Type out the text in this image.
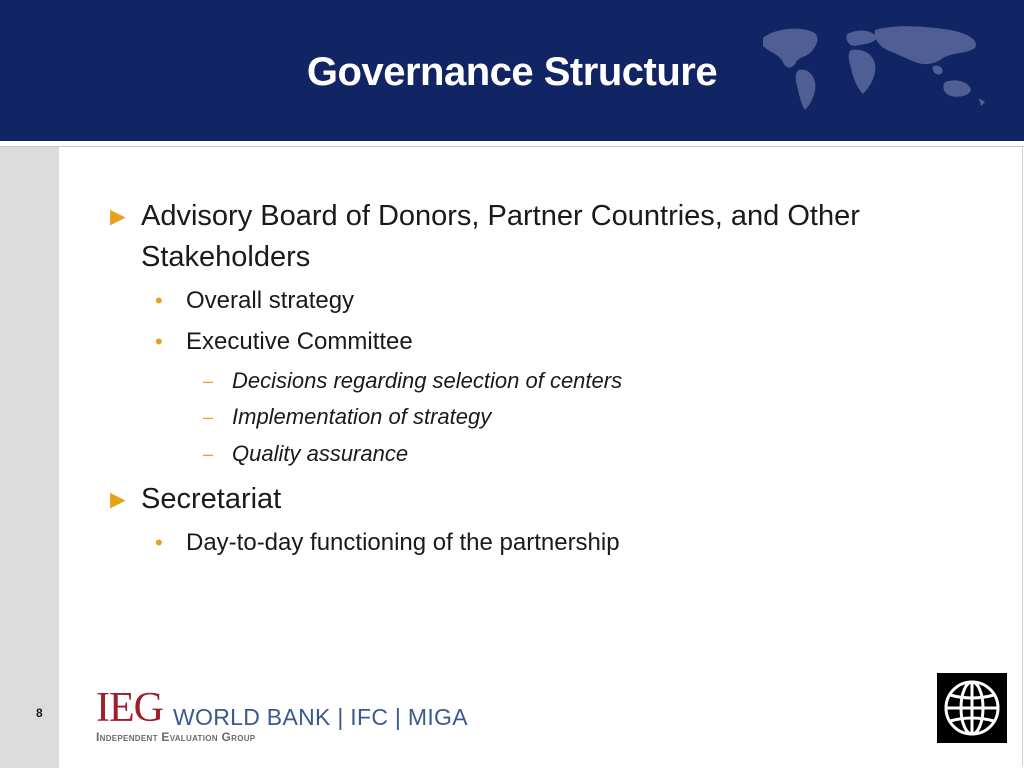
Governance Structure
► Advisory Board of Donors, Partner Countries, and Other Stakeholders
• Overall strategy
• Executive Committee
– Decisions regarding selection of centers
– Implementation of strategy
– Quality assurance
► Secretariat
• Day-to-day functioning of the partnership
8 IEG WORLD BANK | IFC | MIGA
Independent Evaluation Group
